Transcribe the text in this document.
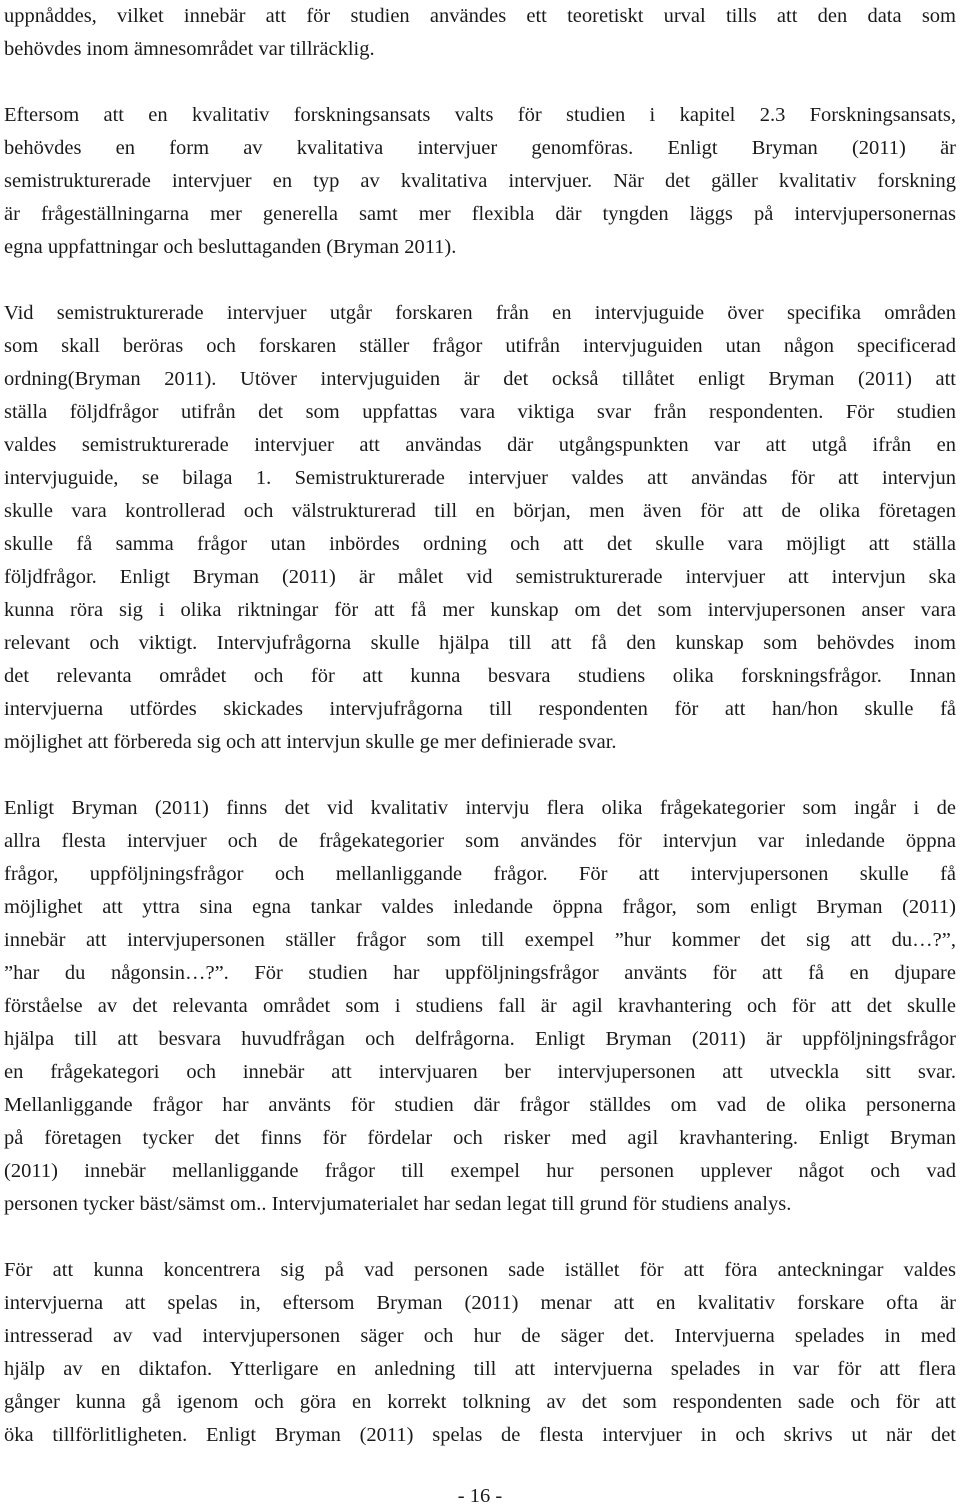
uppnåddes, vilket innebär att för studien användes ett teoretiskt urval tills att den data som
behövdes inom ämnesområdet var tillräcklig.
Eftersom att en kvalitativ forskningsansats valts för studien i kapitel 2.3 Forskningsansats,
behövdes en form av kvalitativa intervjuer genomföras. Enligt Bryman (2011) är
semistrukturerade intervjuer en typ av kvalitativa intervjuer. När det gäller kvalitativ forskning
är frågeställningarna mer generella samt mer flexibla där tyngden läggs på intervjupersonernas
egna uppfattningar och besluttaganden (Bryman 2011).
Vid semistrukturerade intervjuer utgår forskaren från en intervjuguide över specifika områden
som skall beröras och forskaren ställer frågor utifrån intervjuguiden utan någon specificerad
ordning(Bryman 2011). Utöver intervjuguiden är det också tillåtet enligt Bryman (2011) att
ställa följdfrågor utifrån det som uppfattas vara viktiga svar från respondenten. För studien
valdes semistrukturerade intervjuer att användas där utgångspunkten var att utgå ifrån en
intervjuguide, se bilaga 1. Semistrukturerade intervjuer valdes att användas för att intervjun
skulle vara kontrollerad och välstrukturerad till en början, men även för att de olika företagen
skulle få samma frågor utan inbördes ordning och att det skulle vara möjligt att ställa
följdfrågor. Enligt Bryman (2011) är målet vid semistrukturerade intervjuer att intervjun ska
kunna röra sig i olika riktningar för att få mer kunskap om det som intervjupersonen anser vara
relevant och viktigt. Intervjufrågorna skulle hjälpa till att få den kunskap som behövdes inom
det relevanta området och för att kunna besvara studiens olika forskningsfrågor. Innan
intervjuerna utfördes skickades intervjufrågorna till respondenten för att han/hon skulle få
möjlighet att förbereda sig och att intervjun skulle ge mer definierade svar.
Enligt Bryman (2011) finns det vid kvalitativ intervju flera olika frågekategorier som ingår i de
allra flesta intervjuer och de frågekategorier som användes för intervjun var inledande öppna
frågor, uppföljningsfrågor och mellanliggande frågor. För att intervjupersonen skulle få
möjlighet att yttra sina egna tankar valdes inledande öppna frågor, som enligt Bryman (2011)
innebär att intervjupersonen ställer frågor som till exempel ”hur kommer det sig att du…?”,
”har du någonsin…?”. För studien har uppföljningsfrågor använts för att få en djupare
förståelse av det relevanta området som i studiens fall är agil kravhantering och för att det skulle
hjälpa till att besvara huvudfrågan och delfrågorna. Enligt Bryman (2011) är uppföljningsfrågor
en frågekategori och innebär att intervjuaren ber intervjupersonen att utveckla sitt svar.
Mellanliggande frågor har använts för studien där frågor ställdes om vad de olika personerna
på företagen tycker det finns för fördelar och risker med agil kravhantering. Enligt Bryman
(2011) innebär mellanliggande frågor till exempel hur personen upplever något och vad
personen tycker bäst/sämst om.. Intervjumaterialet har sedan legat till grund för studiens analys.
För att kunna koncentrera sig på vad personen sade istället för att föra anteckningar valdes
intervjuerna att spelas in, eftersom Bryman (2011) menar att en kvalitativ forskare ofta är
intresserad av vad intervjupersonen säger och hur de säger det. Intervjuerna spelades in med
hjälp av en diktafon. Ytterligare en anledning till att intervjuerna spelades in var för att flera
gånger kunna gå igenom och göra en korrekt tolkning av det som respondenten sade och för att
öka tillförlitligheten. Enligt Bryman (2011) spelas de flesta intervjuer in och skrivs ut när det
- 16 -
